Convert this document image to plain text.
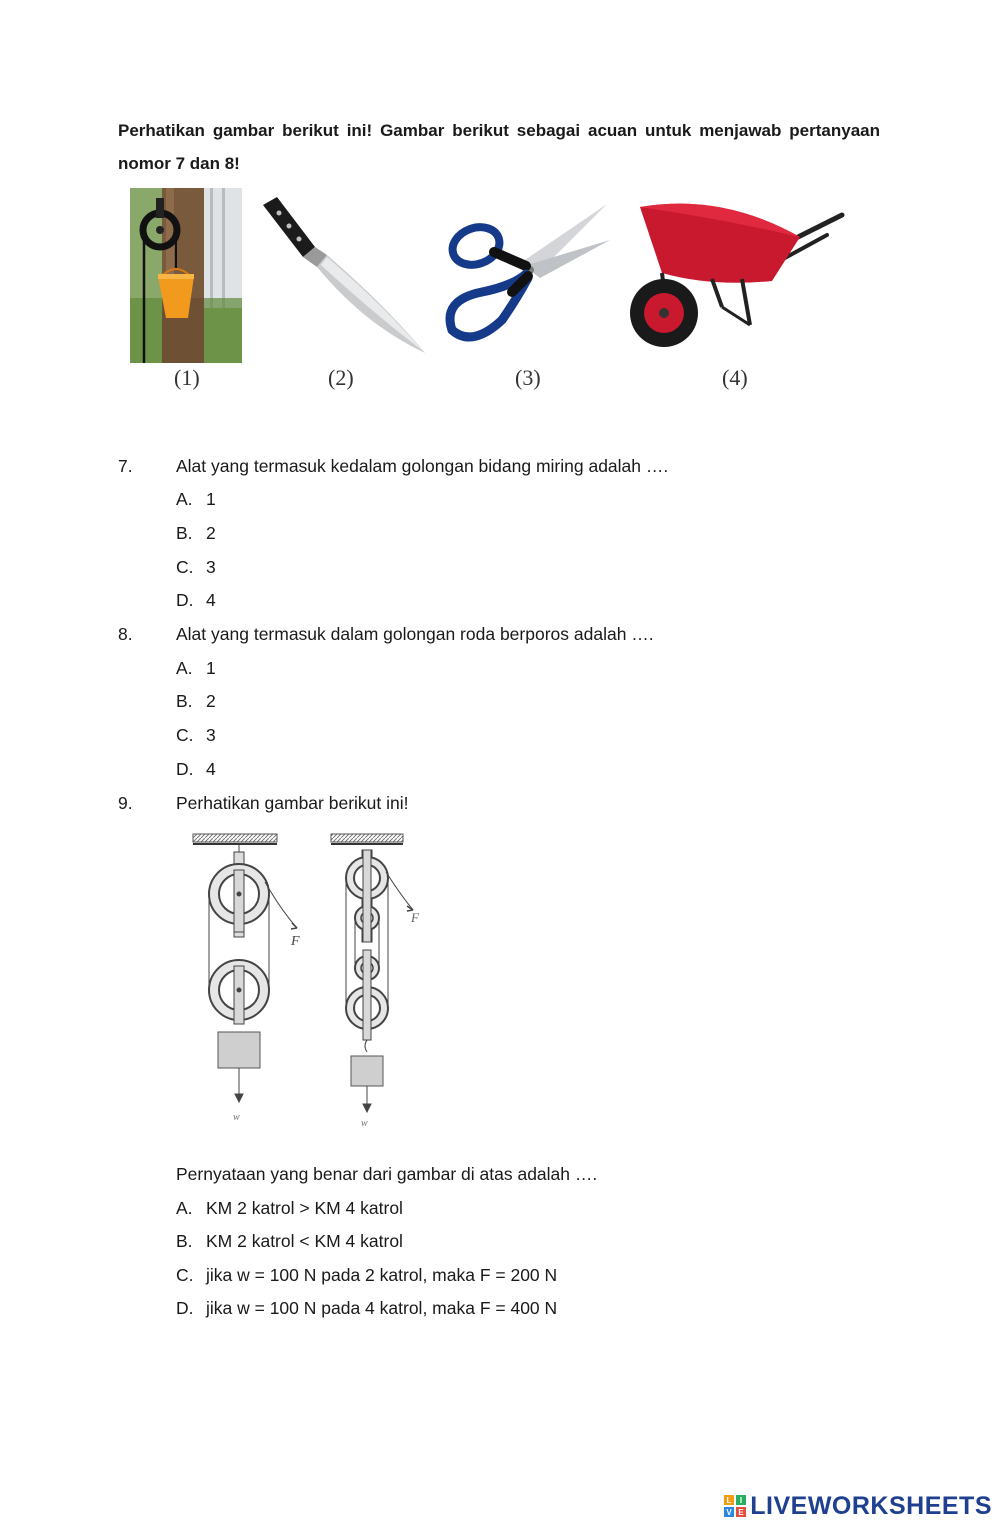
Perhatikan gambar berikut ini! Gambar berikut sebagai acuan untuk menjawab pertanyaan nomor 7 dan 8!

(1)	(2)	(3)	(4)
7. Alat yang termasuk kedalam golongan bidang miring adalah ….
A. 1
B. 2
C. 3
D. 4
8. Alat yang termasuk dalam golongan roda berporos adalah ….
A. 1
B. 2
C. 3
D. 4
9. Perhatikan gambar berikut ini!
F
w
F
w
Pernyataan yang benar dari gambar di atas adalah ….
A. KM 2 katrol > KM 4 katrol
B. KM 2 katrol < KM 4 katrol
C. jika w = 100 N pada 2 katrol, maka F = 200 N
D. jika w = 100 N pada 4 katrol, maka F = 400 N
L I
V E LIVEWORKSHEETS
